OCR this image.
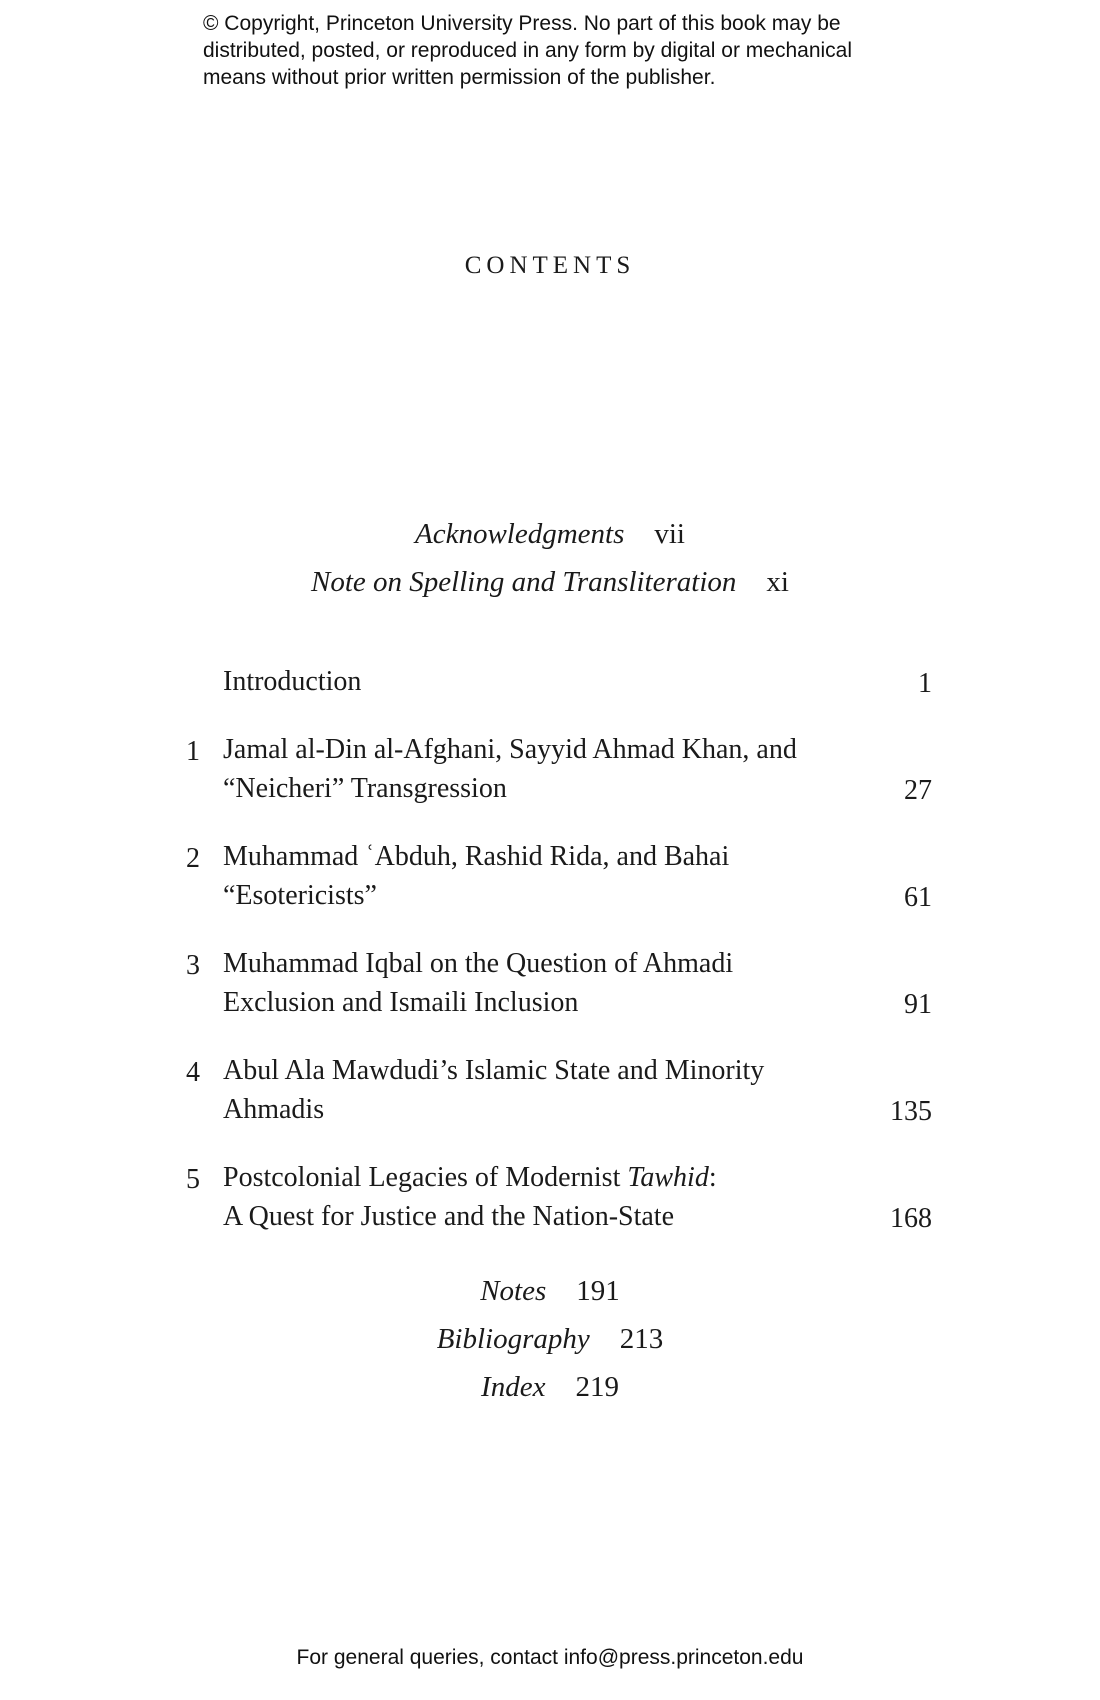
© Copyright, Princeton University Press. No part of this book may be
distributed, posted, or reproduced in any form by digital or mechanical
means without prior written permission of the publisher.
CONTENTS
Acknowledgments vii
Note on Spelling and Transliteration xi
Introduction	1
1 Jamal al-Din al-Afghani, Sayyid Ahmad Khan, and
“Neicheri” Transgression	27
2 Muhammad ʿAbduh, Rashid Rida, and Bahai
“Esotericists”	61
3 Muhammad Iqbal on the Question of Ahmadi
Exclusion and Ismaili Inclusion	91
4 Abul Ala Mawdudi’s Islamic State and Minority
Ahmadis	135
5 Postcolonial Legacies of Modernist Tawhid:
A Quest for Justice and the Nation-State	168
Notes 191
Bibliography 213
Index 219
For general queries, contact info@press.princeton.edu
